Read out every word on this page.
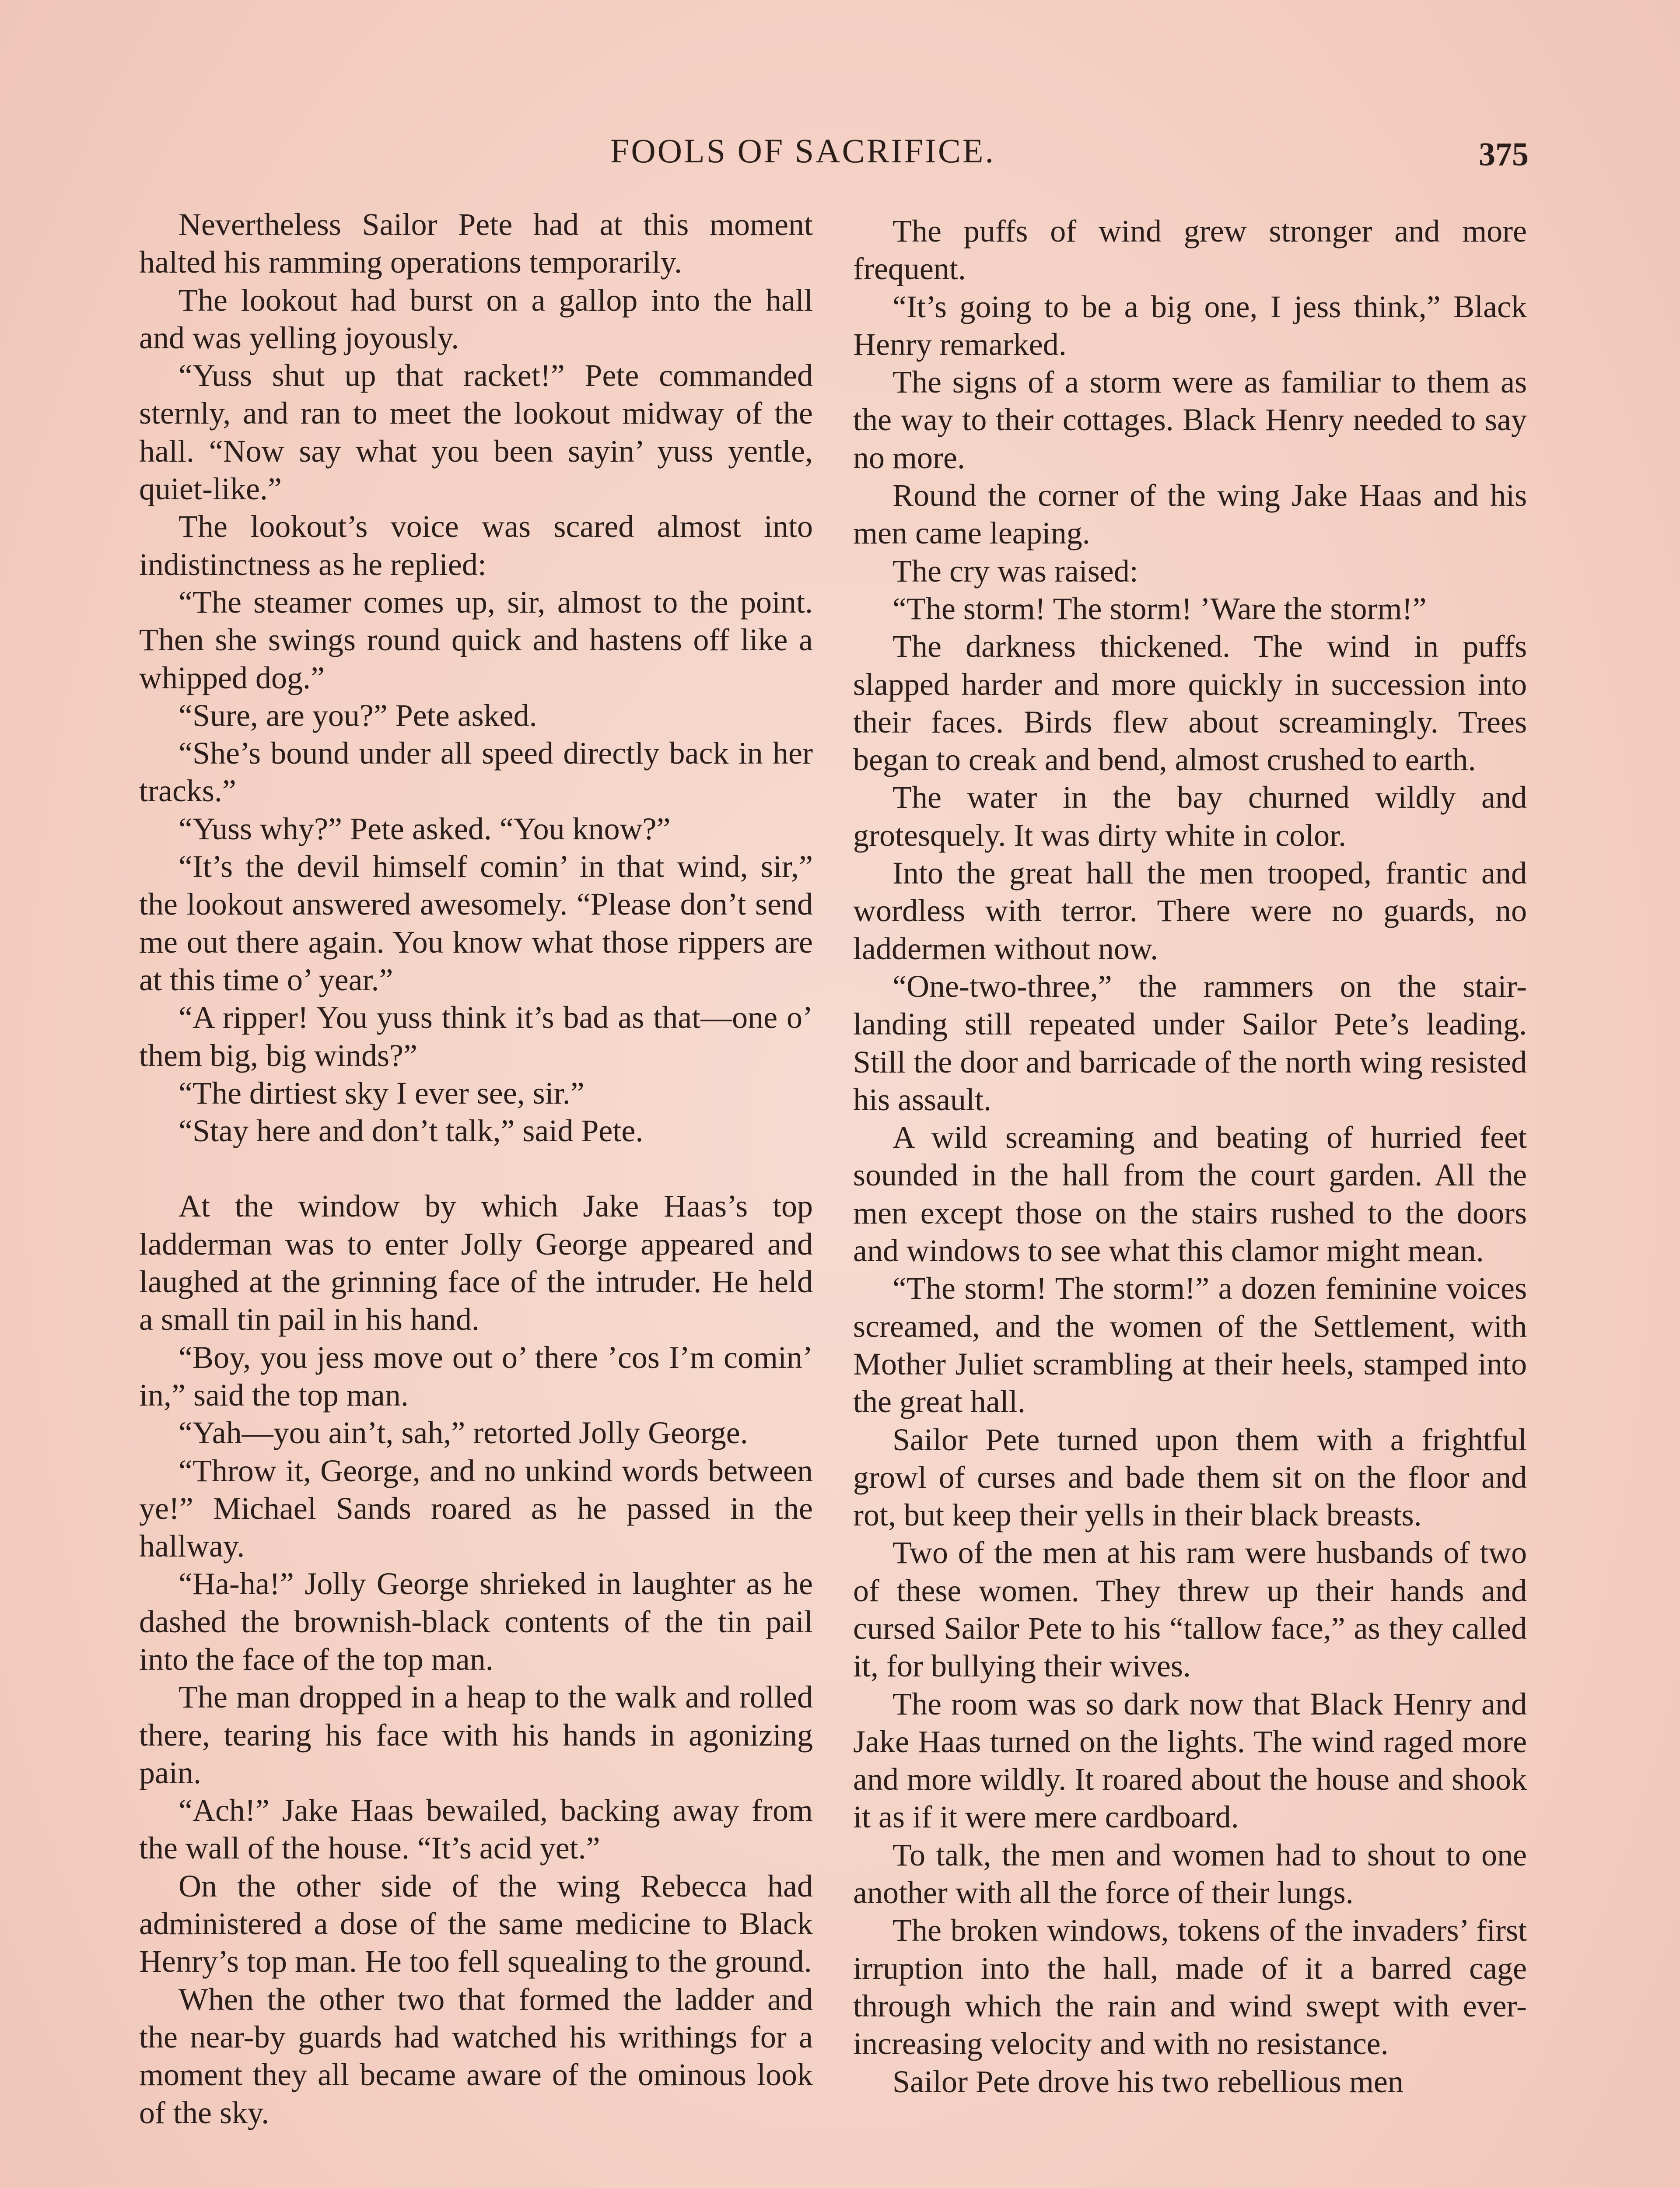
FOOLS OF SACRIFICE.	375

Nevertheless Sailor Pete had at this moment halted his ramming operations temporarily.

The lookout had burst on a gallop into the hall and was yelling joyously.

“Yuss shut up that racket!” Pete commanded sternly, and ran to meet the lookout midway of the hall. “Now say what you been sayin’ yuss yentle, quiet-like.”

The lookout’s voice was scared almost into indistinctness as he replied:

“The steamer comes up, sir, almost to the point. Then she swings round quick and hastens off like a whipped dog.”

“Sure, are you?” Pete asked.

“She’s bound under all speed directly back in her tracks.”

“Yuss why?” Pete asked. “You know?”

“It’s the devil himself comin’ in that wind, sir,” the lookout answered awesomely. “Please don’t send me out there again. You know what those rippers are at this time o’ year.”

“A ripper! You yuss think it’s bad as that—one o’ them big, big winds?”

“The dirtiest sky I ever see, sir.”

“Stay here and don’t talk,” said Pete.

At the window by which Jake Haas’s top ladderman was to enter Jolly George appeared and laughed at the grinning face of the intruder. He held a small tin pail in his hand.

“Boy, you jess move out o’ there ’cos I’m comin’ in,” said the top man.

“Yah—you ain’t, sah,” retorted Jolly George.

“Throw it, George, and no unkind words between ye!” Michael Sands roared as he passed in the hallway.

“Ha-ha!” Jolly George shrieked in laughter as he dashed the brownish-black contents of the tin pail into the face of the top man.

The man dropped in a heap to the walk and rolled there, tearing his face with his hands in agonizing pain.

“Ach!” Jake Haas bewailed, backing away from the wall of the house. “It’s acid yet.”

On the other side of the wing Rebecca had administered a dose of the same medicine to Black Henry’s top man. He too fell squealing to the ground.

When the other two that formed the ladder and the near-by guards had watched his writhings for a moment they all became aware of the ominous look of the sky.

The puffs of wind grew stronger and more frequent.

“It’s going to be a big one, I jess think,” Black Henry remarked.

The signs of a storm were as familiar to them as the way to their cottages. Black Henry needed to say no more.

Round the corner of the wing Jake Haas and his men came leaping.

The cry was raised:

“The storm! The storm! ’Ware the storm!”

The darkness thickened. The wind in puffs slapped harder and more quickly in succession into their faces. Birds flew about screamingly. Trees began to creak and bend, almost crushed to earth.

The water in the bay churned wildly and grotesquely. It was dirty white in color.

Into the great hall the men trooped, frantic and wordless with terror. There were no guards, no laddermen without now.

“One-two-three,” the rammers on the stair-landing still repeated under Sailor Pete’s leading. Still the door and barricade of the north wing resisted his assault.

A wild screaming and beating of hurried feet sounded in the hall from the court garden. All the men except those on the stairs rushed to the doors and windows to see what this clamor might mean.

“The storm! The storm!” a dozen feminine voices screamed, and the women of the Settlement, with Mother Juliet scrambling at their heels, stamped into the great hall.

Sailor Pete turned upon them with a frightful growl of curses and bade them sit on the floor and rot, but keep their yells in their black breasts.

Two of the men at his ram were husbands of two of these women. They threw up their hands and cursed Sailor Pete to his “tallow face,” as they called it, for bullying their wives.

The room was so dark now that Black Henry and Jake Haas turned on the lights. The wind raged more and more wildly. It roared about the house and shook it as if it were mere cardboard.

To talk, the men and women had to shout to one another with all the force of their lungs.

The broken windows, tokens of the invaders’ first irruption into the hall, made of it a barred cage through which the rain and wind swept with ever-increasing velocity and with no resistance.

Sailor Pete drove his two rebellious men
